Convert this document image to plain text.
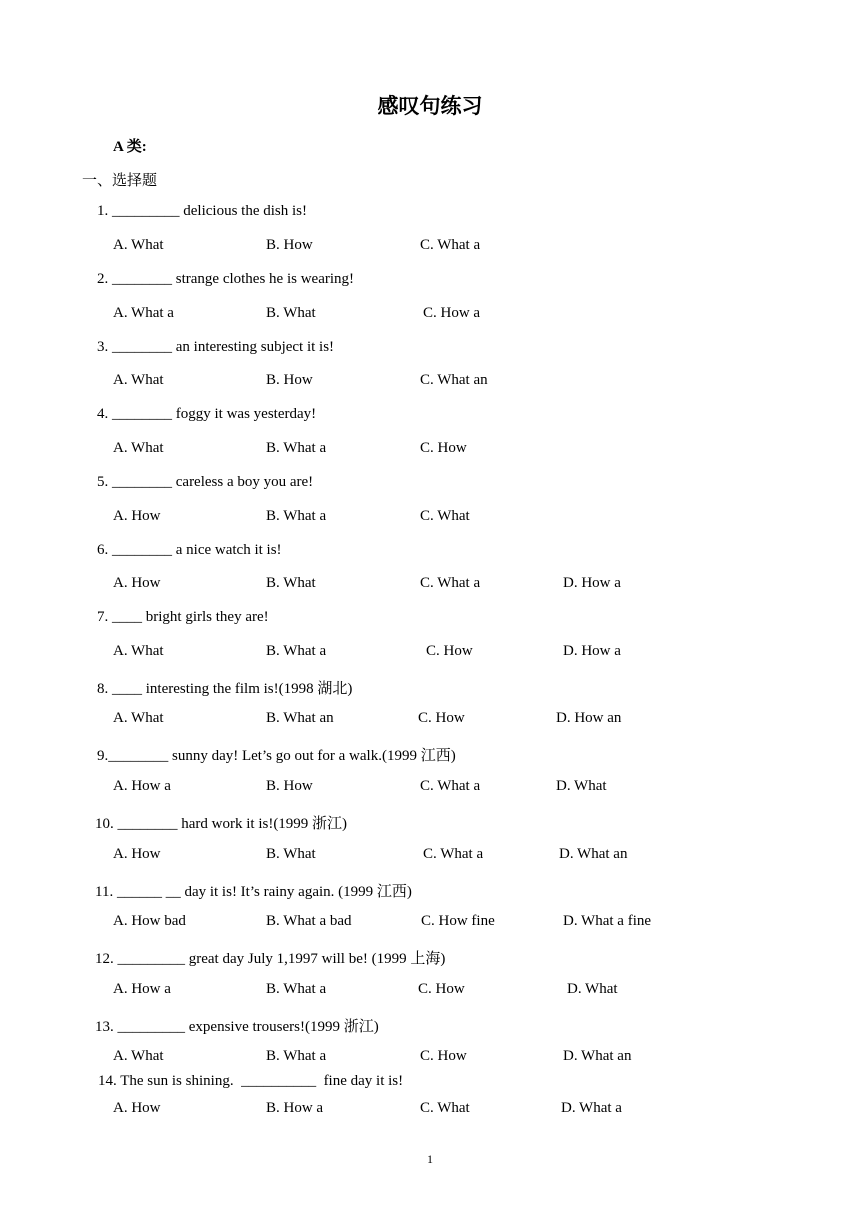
感叹句练习
A 类:
一、选择题
1. _________ delicious the dish is!
A. What	B. How	C. What a
2. ________ strange clothes he is wearing!
A. What a	B. What	C. How a
3. ________ an interesting subject it is!
A. What	B. How	C. What an
4. ________ foggy it was yesterday!
A. What	B. What a	C. How
5. ________ careless a boy you are!
A. How	B. What a	C. What
6. ________ a nice watch it is!
A. How	B. What	C. What a	D. How a
7. ____ bright girls they are!
A. What	B. What a	C. How	D. How a
8. ____ interesting the film is!(1998 湖北)
A. What	B. What an	C. How	D. How an
9.________ sunny day! Let’s go out for a walk.(1999 江西)
A. How a	B. How	C. What a	D. What
10. ________ hard work it is!(1999 浙江)
A. How	B. What	C. What a	D. What an
11. ______ __ day it is! It’s rainy again. (1999 江西)
A. How bad	B. What a bad	C. How fine	D. What a fine
12. _________ great day July 1,1997 will be! (1999 上海)
A. How a	B. What a	C. How	D. What
13. _________ expensive trousers!(1999 浙江)
A. What	B. What a	C. How	D. What an
14. The sun is shining.  __________  fine day it is!
A. How	B. How a	C. What	D. What a
1
